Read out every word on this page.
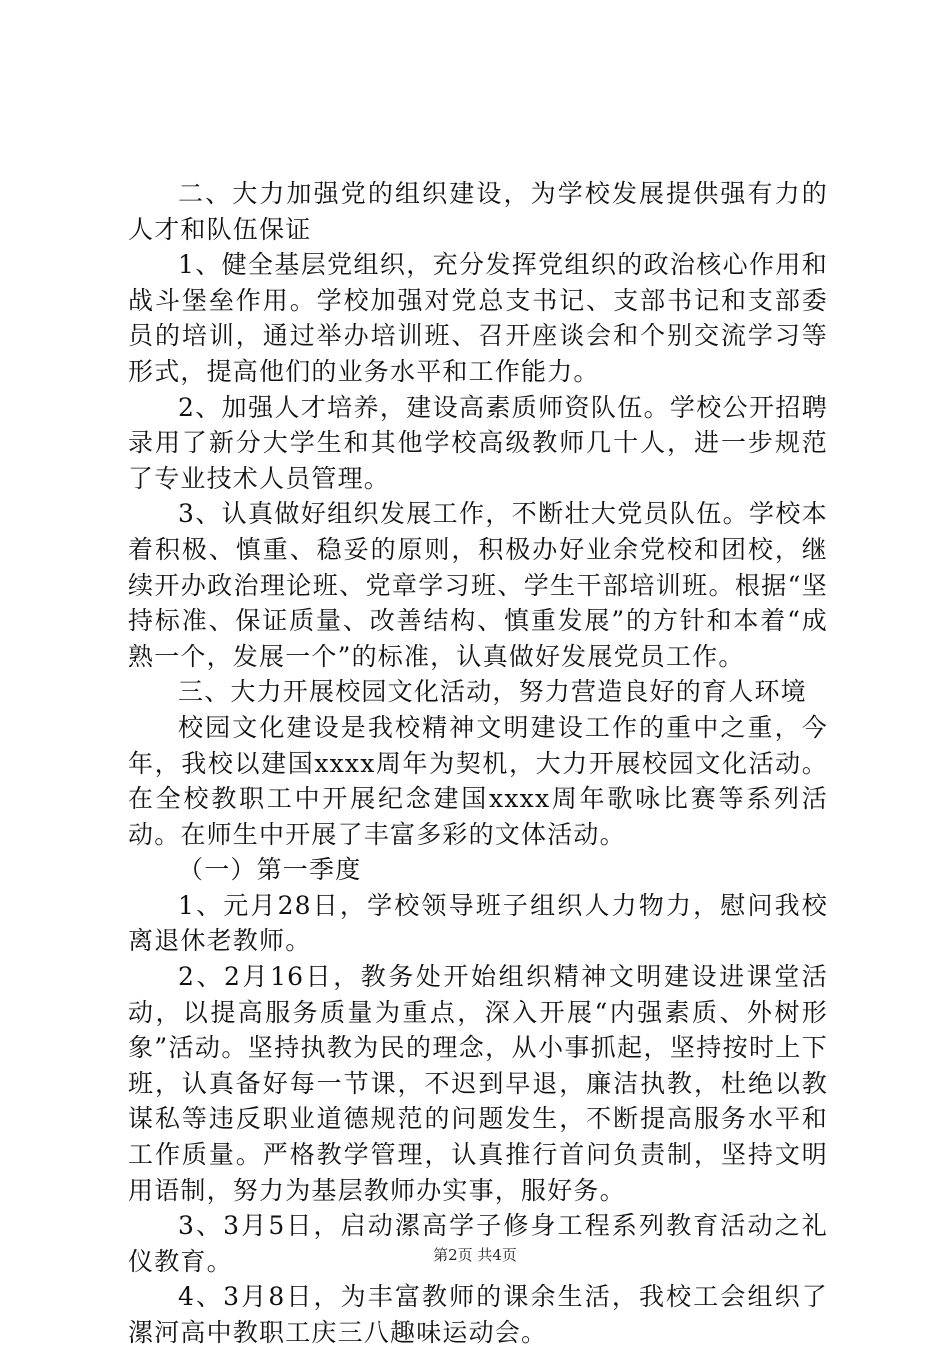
二、大力加强党的组织建设，为学校发展提供强有力的人才和队伍保证

1、健全基层党组织，充分发挥党组织的政治核心作用和战斗堡垒作用。学校加强对党总支书记、支部书记和支部委员的培训，通过举办培训班、召开座谈会和个别交流学习等形式，提高他们的业务水平和工作能力。

2、加强人才培养，建设高素质师资队伍。学校公开招聘录用了新分大学生和其他学校高级教师几十人，进一步规范了专业技术人员管理。

3、认真做好组织发展工作，不断壮大党员队伍。学校本着积极、慎重、稳妥的原则，积极办好业余党校和团校，继续开办政治理论班、党章学习班、学生干部培训班。根据“坚持标准、保证质量、改善结构、慎重发展”的方针和本着“成熟一个，发展一个”的标准，认真做好发展党员工作。

三、大力开展校园文化活动，努力营造良好的育人环境

校园文化建设是我校精神文明建设工作的重中之重，今年，我校以建国xxxx周年为契机，大力开展校园文化活动。在全校教职工中开展纪念建国xxxx周年歌咏比赛等系列活动。在师生中开展了丰富多彩的文体活动。

（一）第一季度

1、元月28日，学校领导班子组织人力物力，慰问我校离退休老教师。

2、2月16日，教务处开始组织精神文明建设进课堂活动，以提高服务质量为重点，深入开展“内强素质、外树形象”活动。坚持执教为民的理念，从小事抓起，坚持按时上下班，认真备好每一节课，不迟到早退，廉洁执教，杜绝以教谋私等违反职业道德规范的问题发生，不断提高服务水平和工作质量。严格教学管理，认真推行首问负责制，坚持文明用语制，努力为基层教师办实事，服好务。

3、3月5日，启动漯高学子修身工程系列教育活动之礼仪教育。

4、3月8日，为丰富教师的课余生活，我校工会组织了漯河高中教职工庆三八趣味运动会。

第2页 共4页
